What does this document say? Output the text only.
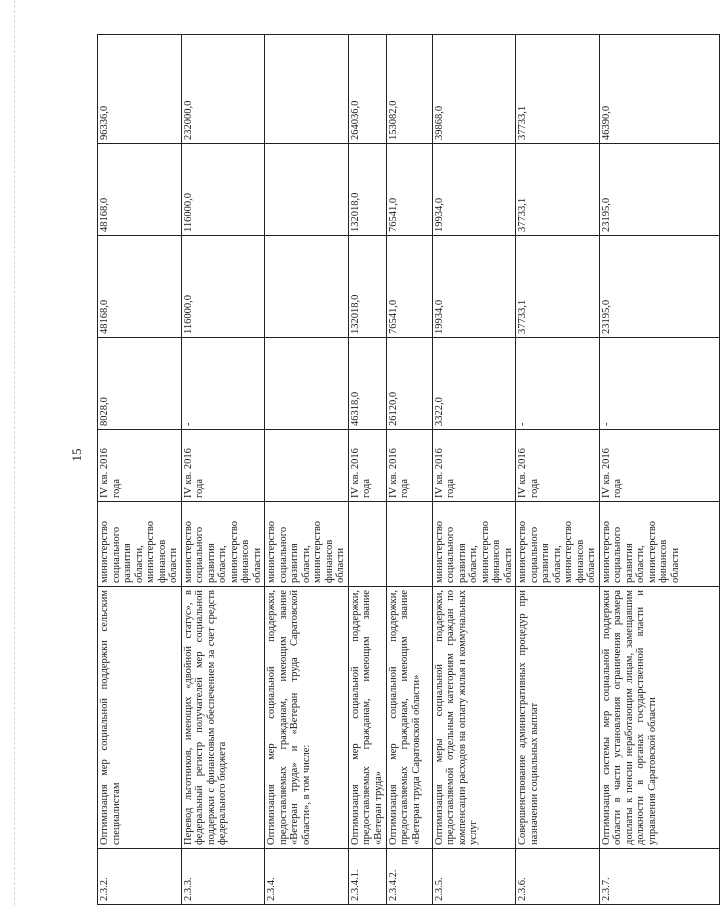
15
2.3.2.	Оптимизация мер социальной поддержки сельским специалистам	министерство социального развития области, министерство финансов области	IV кв. 2016 года	8028,0	48168,0	48168,0	96336,0
2.3.3.	Перевод льготников, имеющих «двойной статус», в федеральный регистр получателей мер социальной поддержки с финансовым обеспечением за счет средств федерального бюджета	министерство социального развития области, министерство финансов области	IV кв. 2016 года	-	116000,0	116000,0	232000,0
2.3.4.	Оптимизация мер социальной поддержки, предоставляемых гражданам, имеющим звание «Ветеран труда» и «Ветеран труда Саратовской области», в том числе:	министерство социального развития области, министерство финансов области					
2.3.4.1.	Оптимизация мер социальной поддержки, предоставляемых гражданам, имеющим звание «Ветеран труда»		IV кв. 2016 года	46318,0	132018,0	132018,0	264036,0
2.3.4.2.	Оптимизация мер социальной поддержки, предоставляемых гражданам, имеющим звание «Ветеран труда Саратовской области»		IV кв. 2016 года	26120,0	76541,0	76541,0	153082,0
2.3.5.	Оптимизация меры социальной поддержки, предоставляемой отдельным категориям граждан по компенсации расходов на оплату жилья и коммунальных услуг	министерство социального развития области, министерство финансов области	IV кв. 2016 года	3322,0	19934,0	19934,0	39868,0
2.3.6.	Совершенствование административных процедур при назначении социальных выплат	министерство социального развития области, министерство финансов области	IV кв. 2016 года	-	37733,1	37733,1	37733,1
2.3.7.	Оптимизация системы мер социальной поддержки области в части установления ограничения размера доплаты к пенсии неработающим лицам, замещавшим должности в органах государственной власти и управления Саратовской области	министерство социального развития области, министерство финансов области	IV кв. 2016 года	-	23195,0	23195,0	46390,0
